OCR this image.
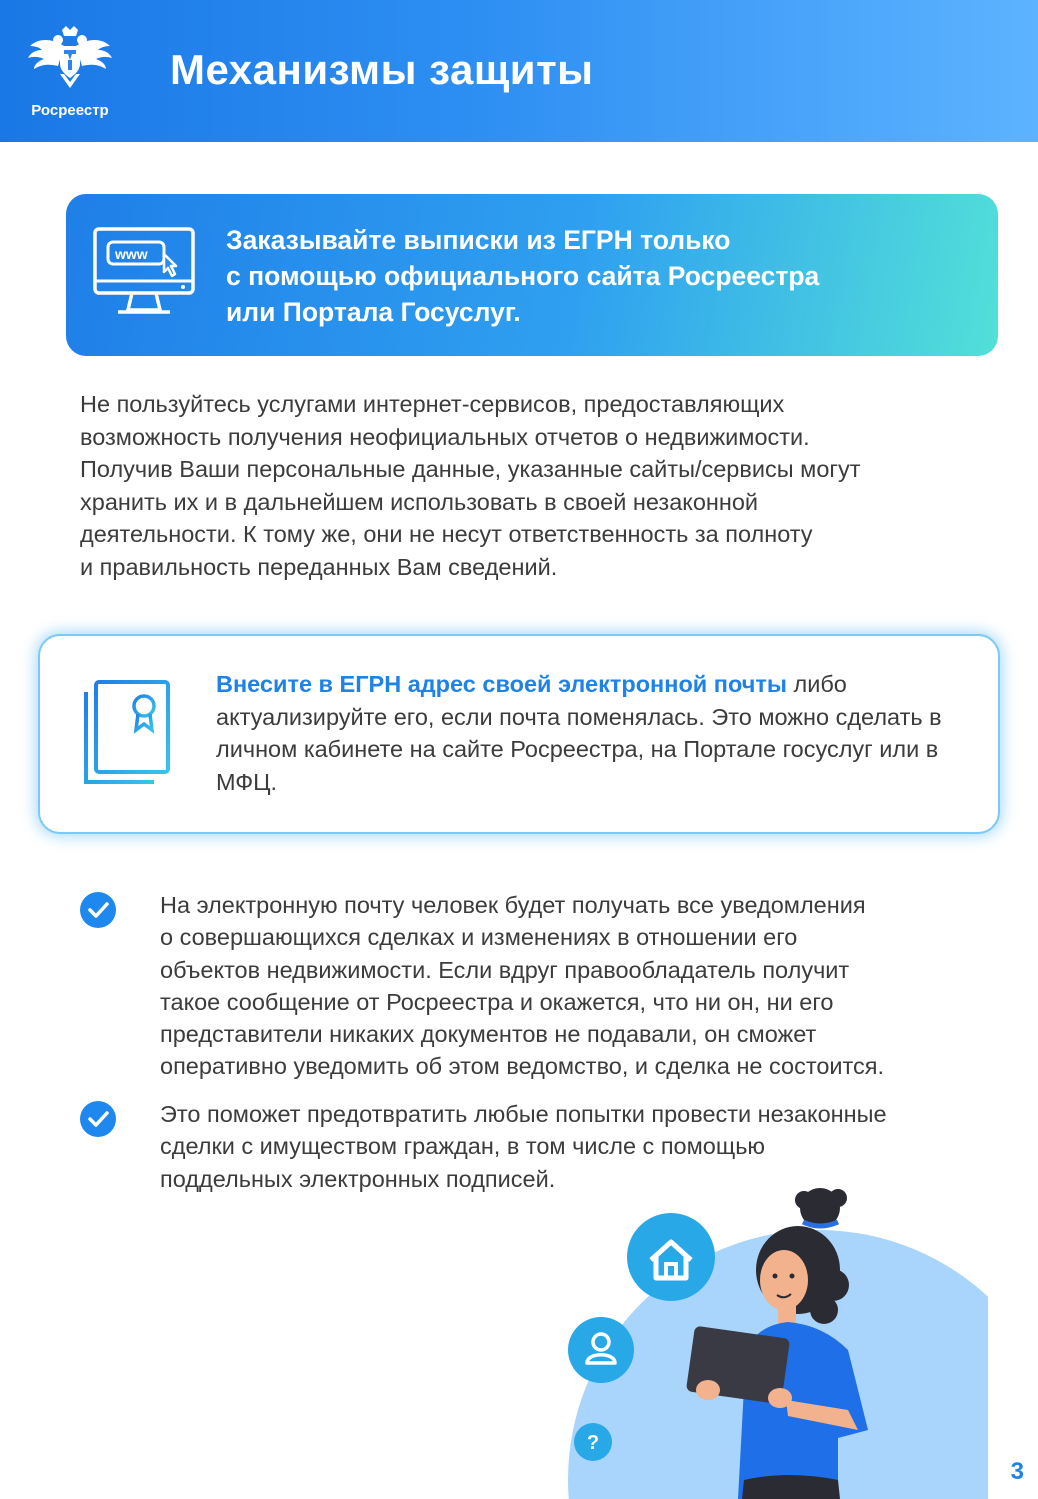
Росреестр
Механизмы защиты
www	Заказывайте выписки из ЕГРН только
с помощью официального сайта Росреестра
или Портала Госуслуг.
Не пользуйтесь услугами интернет-сервисов, предоставляющих
возможность получения неофициальных отчетов о недвижимости.
Получив Ваши персональные данные, указанные сайты/сервисы могут
хранить их и в дальнейшем использовать в своей незаконной
деятельности. К тому же, они не несут ответственность за полноту
и правильность переданных Вам сведений.
Внесите в ЕГРН адрес своей электронной почты либо актуализируйте его, если почта поменялась. Это можно сделать в личном кабинете на сайте Росреестра, на Портале госуслуг или в МФЦ.
На электронную почту человек будет получать все уведомления
о совершающихся сделках и изменениях в отношении его
объектов недвижимости. Если вдруг правообладатель получит
такое сообщение от Росреестра и окажется, что ни он, ни его
представители никаких документов не подавали, он сможет
оперативно уведомить об этом ведомство, и сделка не состоится.
Это поможет предотвратить любые попытки провести незаконные
сделки с имуществом граждан, в том числе с помощью
поддельных электронных подписей.
?
3
